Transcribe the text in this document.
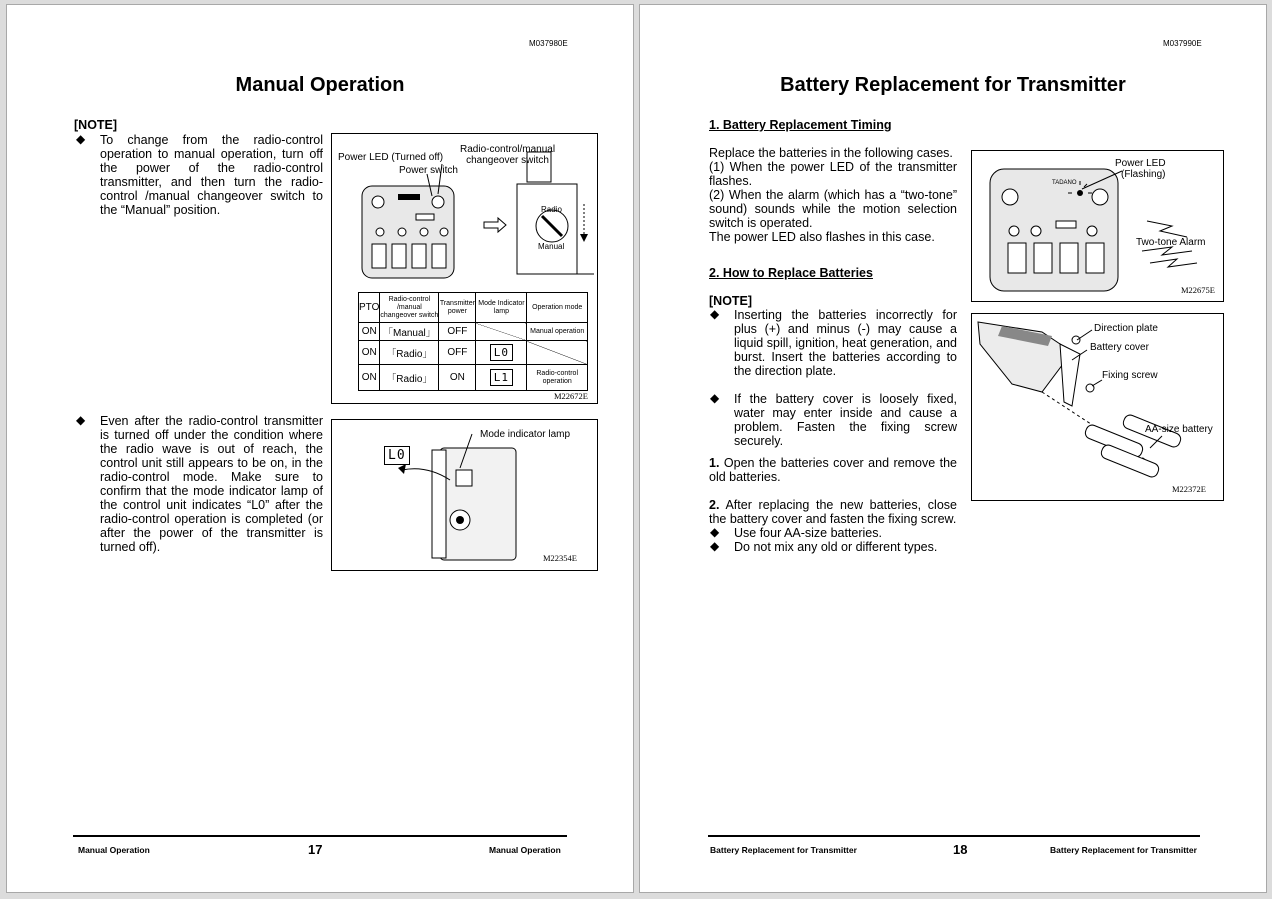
M037980E
Manual Operation
[NOTE]
◆ To change from the radio-control operation to manual operation, turn off the power of the radio-control transmitter, and then turn the radio-control /manual changeover switch to the “Manual” position.
◆ Even after the radio-control transmitter is turned off under the condition where the radio wave is out of reach, the control unit still appears to be on, in the radio-control mode. Make sure to confirm that the mode indicator lamp of the control unit indicates “L0” after the radio-control operation is completed (or after the power of the transmitter is turned off).
Power LED (Turned off)
Power switch
Radio-control/manual
changeover switch
Radio
Manual
PTO	Radio-control /manual changeover switch	Transmitter power	Mode Indicator lamp	Operation mode
ON	「Manual」	OFF		Manual operation
ON	「Radio」	OFF	L0	
ON	「Radio」	ON	L1	Radio-control operation
M22672E
Mode indicator lamp
L0
M22354E
Manual Operation	17	Manual Operation
M037990E
Battery Replacement for Transmitter
1. Battery Replacement Timing
Replace the batteries in the following cases.
(1) When the power LED of the transmitter flashes.
(2) When the alarm (which has a “two-tone” sound) sounds while the motion selection switch is operated.
The power LED also flashes in this case.
2. How to Replace Batteries
[NOTE]
◆ Inserting the batteries incorrectly for plus (+) and minus (-) may cause a liquid spill, ignition, heat generation, and burst. Insert the batteries according to the direction plate.
◆ If the battery cover is loosely fixed, water may enter inside and cause a problem. Fasten the fixing screw securely.
1. Open the batteries cover and remove the old batteries.
2. After replacing the new batteries, close the battery cover and fasten the fixing screw.
◆ Use four AA-size batteries.
◆ Do not mix any old or different types.
TADANO
Power LED
(Flashing)
Two-tone Alarm
M22675E
Direction plate
Battery cover
Fixing screw
AA-size battery
M22372E
Battery Replacement for Transmitter	18	Battery Replacement for Transmitter
